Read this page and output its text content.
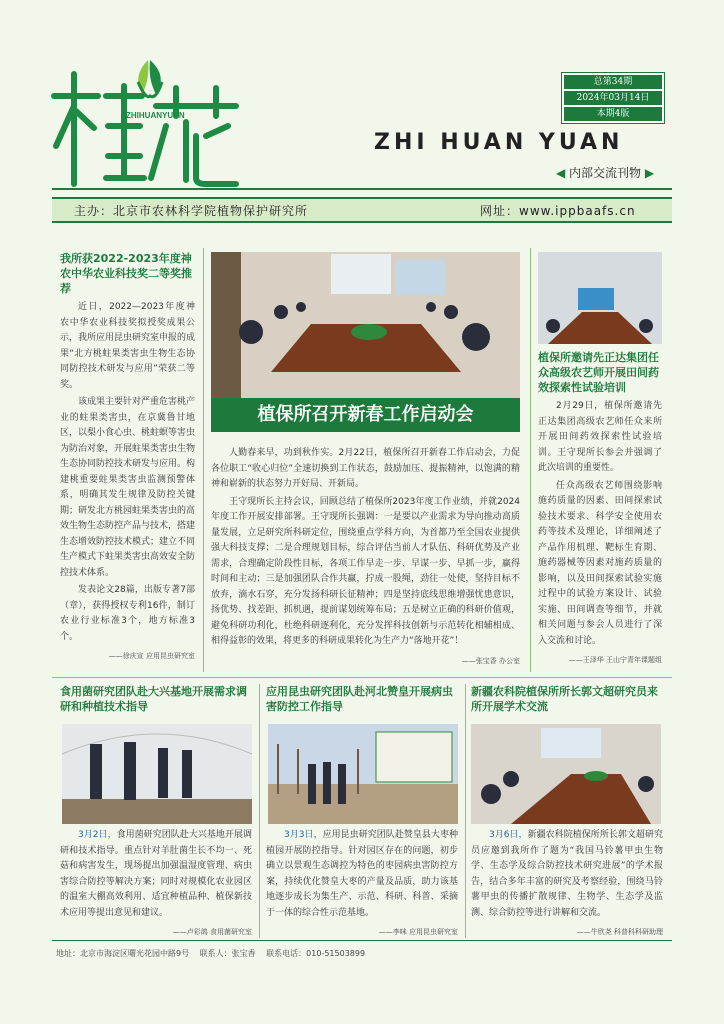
ZHIHUANYUAN
总第34期
2024年03月14日
本期4版
ZHI HUAN YUAN
◀ 内部交流刊物 ▶
主办：北京市农林科学院植物保护研究所	网址：www.ippbaafs.cn
我所获2022-2023年度神农中华农业科技奖二等奖推荐

近日，2022—2023年度神农中华农业科技奖拟授奖成果公示，我所应用昆虫研究室申报的成果“北方桃蛀果类害虫生物生态协同防控技术研发与应用”荣获二等奖。

该成果主要针对严重危害桃产业的蛀果类害虫，在京冀鲁甘地区，以梨小食心虫、桃蛀螟等害虫为防治对象，开展蛀果类害虫生物生态协同防控技术研发与应用。构建桃重要蛀果类害虫监测预警体系，明确其发生规律及防控关键期；研发北方桃园蛀果类害虫的高效生物生态防控产品与技术，搭建生态增效防控技术模式；建立不同生产模式下蛀果类害虫高效安全防控技术体系。

发表论文28篇，出版专著7部（章），获得授权专利16件，制订农业行业标准3个，地方标准3个。

——徐庆宣 应用昆虫研究室
植保所召开新春工作启动会

人勤春来早，功到秋作实。2月22日，植保所召开新春工作启动会，力促各位职工“收心归位”全速切换到工作状态，鼓励加压、提振精神，以饱满的精神和崭新的状态努力开好局、开新局。

王守现所长主持会议，回顾总结了植保所2023年度工作业绩，并就2024年度工作开展安排部署。王守现所长强调：一是要以产业需求为导向推动高质量发展，立足研究所科研定位，围绕重点学科方向，为首都乃至全国农业提供强大科技支撑；二是合理规划目标，综合评估当前人才队伍、科研优势及产业需求，合理确定阶段性目标，各项工作早走一步、早谋一步、早抓一步，赢得时间和主动；三是加强团队合作共赢，拧成一股绳，劲往一处使，坚持目标不放弃，滴水石穿，充分发扬科研长征精神；四是坚持底线思维增强忧患意识，扬优势、找差距、抓机遇，提前谋划统筹布局；五是树立正确的科研价值观，避免科研功利化，杜绝科研逐利化，充分发挥科技创新与示范转化相辅相成、相得益彰的效果，将更多的科研成果转化为生产力“落地开花”！

——张宝香 办公室
植保所邀请先正达集团任众高级农艺师开展田间药效探索性试验培训

2月29日，植保所邀请先正达集团高级农艺师任众来所开展田间药效探索性试验培训。王守现所长参会并强调了此次培训的重要性。

任众高级农艺师围绕影响施药质量的因素、田间探索试验技术要求、科学安全使用农药等技术及理论，详细阐述了产品作用机理、靶标生育期、施药器械等因素对施药质量的影响，以及田间探索试验实施过程中的试验方案设计、试验实施、田间调查等细节，并就相关问题与参会人员进行了深入交流和讨论。

——王泽华 王山宁青年课题组
食用菌研究团队赴大兴基地开展需求调研和种植技术指导

3月2日，食用菌研究团队赴大兴基地开展调研和技术指导。重点针对羊肚菌生长不均一、死菇和病害发生，现场提出加强温湿度管理、病虫害综合防控等解决方案；同时对规模化农业园区的温室大棚高效利用、适宜种植品种、植保新技术应用等提出意见和建议。

——卢彩鸽 食用菌研究室
应用昆虫研究团队赴河北赞皇开展病虫害防控工作指导

3月3日，应用昆虫研究团队赴赞皇县大枣种植园开展防控指导。针对园区存在的问题，初步确立以景观生态调控为特色的枣园病虫害防控方案，持续优化赞皇大枣的产量及品质，助力该基地逐步成长为集生产、示范、科研、科普、采摘于一体的综合性示范基地。

——李咪 应用昆虫研究室
新疆农科院植保所所长郭文超研究员来所开展学术交流

3月6日，新疆农科院植保所所长郭文超研究员应邀到我所作了题为“我国马铃薯甲虫生物学、生态学及综合防控技术研究进展”的学术报告，结合多年丰富的研究及考察经验，围绕马铃薯甲虫的传播扩散规律、生物学、生态学及监测、综合防控等进行讲解和交流。

——牛欣尧 科普科科研助理
地址：北京市海淀区曙光花园中路9号 联系人：张宝香 联系电话：010-51503899
